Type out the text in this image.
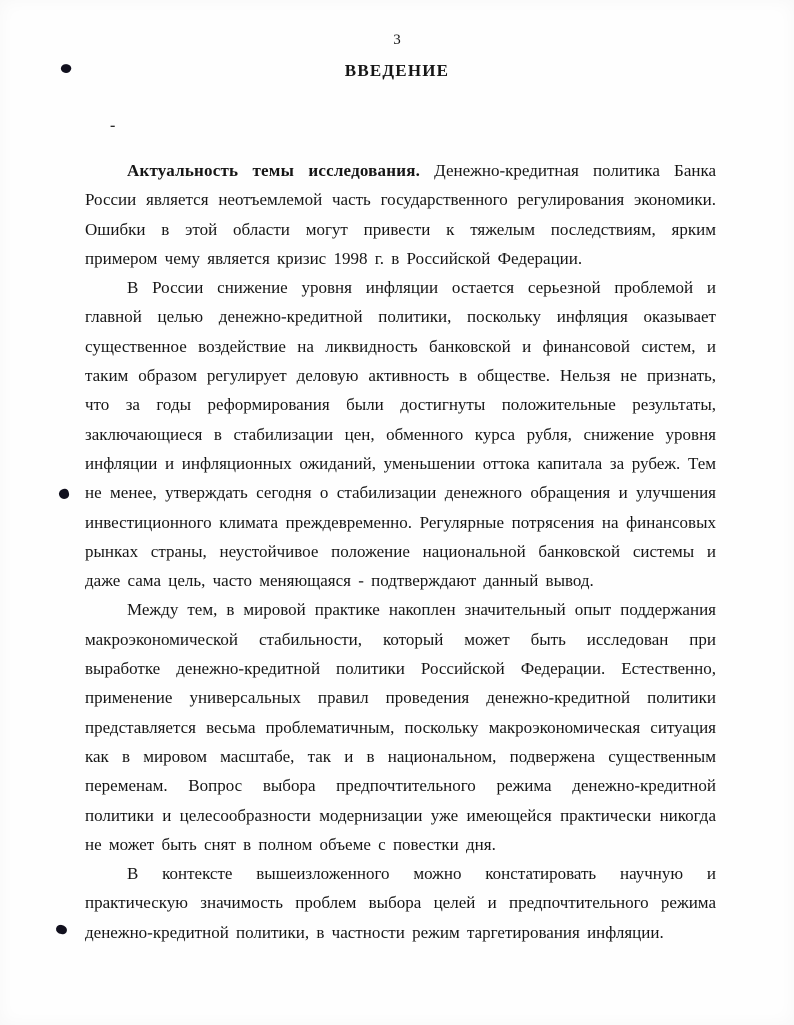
3
ВВЕДЕНИЕ
-

Актуальность темы исследования. Денежно-кредитная политика Банка России является неотъемлемой часть государственного регулирования экономики. Ошибки в этой области могут привести к тяжелым последствиям, ярким примером чему является кризис 1998 г. в Российской Федерации.

В России снижение уровня инфляции остается серьезной проблемой и главной целью денежно-кредитной политики, поскольку инфляция оказывает существенное воздействие на ликвидность банковской и финансовой систем, и таким образом регулирует деловую активность в обществе. Нельзя не признать, что за годы реформирования были достигнуты положительные результаты, заключающиеся в стабилизации цен, обменного курса рубля, снижение уровня инфляции и инфляционных ожиданий, уменьшении оттока капитала за рубеж. Тем не менее, утверждать сегодня о стабилизации денежного обращения и улучшения инвестиционного климата преждевременно. Регулярные потрясения на финансовых рынках страны, неустойчивое положение национальной банковской системы и даже сама цель, часто меняющаяся - подтверждают данный вывод.

Между тем, в мировой практике накоплен значительный опыт поддержания макроэкономической стабильности, который может быть исследован при выработке денежно-кредитной политики Российской Федерации. Естественно, применение универсальных правил проведения денежно-кредитной политики представляется весьма проблематичным, поскольку макроэкономическая ситуация как в мировом масштабе, так и в национальном, подвержена существенным переменам. Вопрос выбора предпочтительного режима денежно-кредитной политики и целесообразности модернизации уже имеющейся практически никогда не может быть снят в полном объеме с повестки дня.

В контексте вышеизложенного можно констатировать научную и практическую значимость проблем выбора целей и предпочтительного режима денежно-кредитной политики, в частности режим таргетирования инфляции.
